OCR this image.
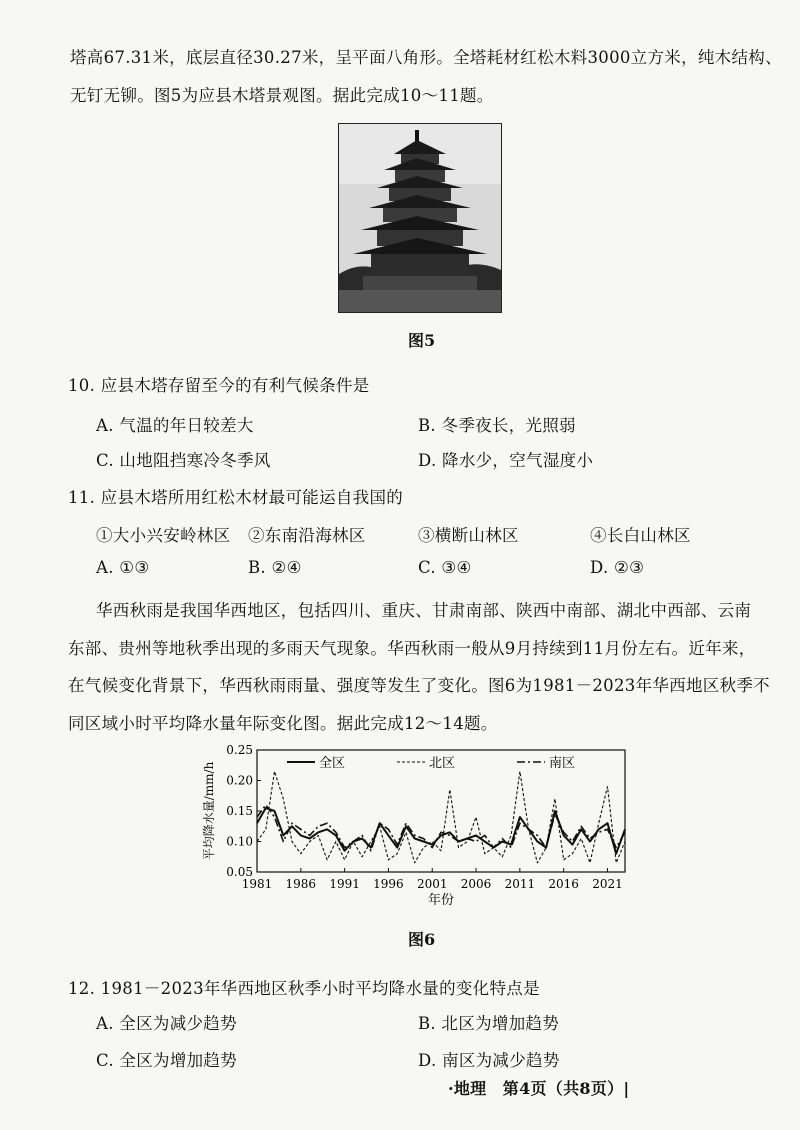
塔高67.31米，底层直径30.27米，呈平面八角形。全塔耗材红松木料3000立方米，纯木结构、
无钉无铆。图5为应县木塔景观图。据此完成10～11题。
图5
10. 应县木塔存留至今的有利气候条件是
A. 气温的年日较差大	B. 冬季夜长，光照弱
C. 山地阻挡寒冷冬季风	D. 降水少，空气湿度小
11. 应县木塔所用红松木材最可能运自我国的
①大小兴安岭林区 ②东南沿海林区	③横断山林区	④长白山林区
A. ①③	B. ②④	C. ③④	D. ②③
华西秋雨是我国华西地区，包括四川、重庆、甘肃南部、陕西中南部、湖北中西部、云南
东部、贵州等地秋季出现的多雨天气现象。华西秋雨一般从9月持续到11月份左右。近年来，
在气候变化背景下，华西秋雨雨量、强度等发生了变化。图6为1981－2023年华西地区秋季不
同区域小时平均降水量年际变化图。据此完成12～14题。
0.05
0.10
0.15
0.20
0.25
1981 1986 1991 1996 2001 2006 2011 2016 2021
年份
平均降水量/mm/h	全区	北区	南区
图6
12. 1981－2023年华西地区秋季小时平均降水量的变化特点是
A. 全区为减少趋势	B. 北区为增加趋势
C. 全区为增加趋势	D. 南区为减少趋势
·地理　第4页（共8页）|
